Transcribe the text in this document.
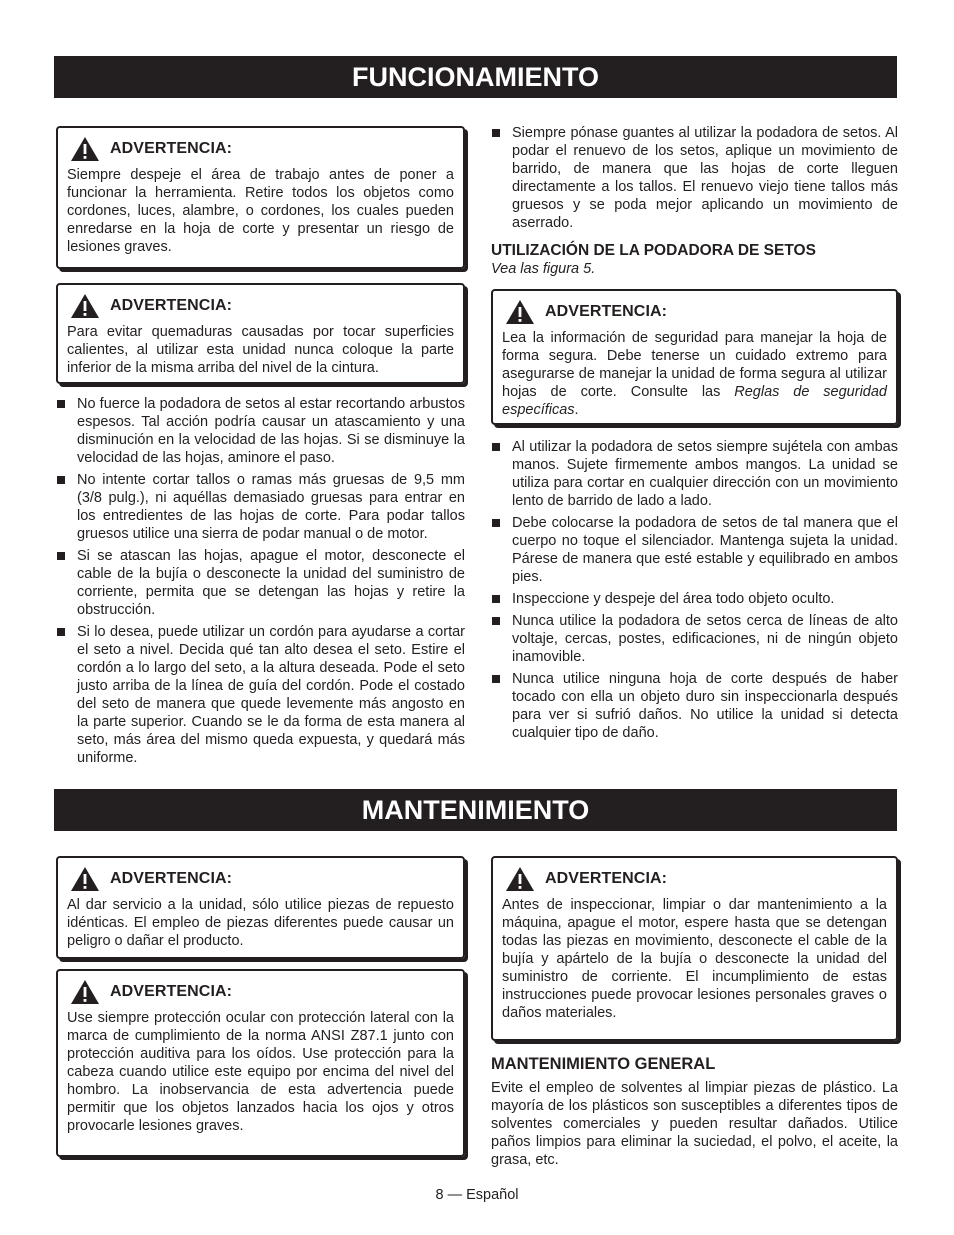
FUNCIONAMIENTO
ADVERTENCIA:
Siempre despeje el área de trabajo antes de poner a funcionar la herramienta. Retire todos los objetos como cordones, luces, alambre, o cordones, los cuales pueden enredarse en la hoja de corte y presentar un riesgo de lesiones graves.
ADVERTENCIA:
Para evitar quemaduras causadas por tocar superficies calientes, al utilizar esta unidad nunca coloque la parte inferior de la misma arriba del nivel de la cintura.
No fuerce la podadora de setos al estar recortando arbustos espesos. Tal acción podría causar un atascamiento y una disminución en la velocidad de las hojas. Si se disminuye la velocidad de las hojas, aminore el paso.
No intente cortar tallos o ramas más gruesas de 9,5 mm (3/8 pulg.), ni aquéllas demasiado gruesas para entrar en los entredientes de las hojas de corte. Para podar tallos gruesos utilice una sierra de podar manual o de motor.
Si se atascan las hojas, apague el motor, desconecte el cable de la bujía o desconecte la unidad del suministro de corriente, permita que se detengan las hojas y retire la obstrucción.
Si lo desea, puede utilizar un cordón para ayudarse a cortar el seto a nivel. Decida qué tan alto desea el seto. Estire el cordón a lo largo del seto, a la altura deseada. Pode el seto justo arriba de la línea de guía del cordón. Pode el costado del seto de manera que quede levemente más angosto en la parte superior. Cuando se le da forma de esta manera al seto, más área del mismo queda expuesta, y quedará más uniforme.
Siempre pónase guantes al utilizar la podadora de setos. Al podar el renuevo de los setos, aplique un movimiento de barrido, de manera que las hojas de corte lleguen directamente a los tallos. El renuevo viejo tiene tallos más gruesos y se poda mejor aplicando un movimiento de aserrado.
UTILIZACIÓN DE LA PODADORA DE SETOS
Vea las figura 5.
ADVERTENCIA:
Lea la información de seguridad para manejar la hoja de forma segura. Debe tenerse un cuidado extremo para asegurarse de manejar la unidad de forma segura al utilizar hojas de corte. Consulte las Reglas de seguridad específicas.
Al utilizar la podadora de setos siempre sujétela con ambas manos. Sujete firmemente ambos mangos. La unidad se utiliza para cortar en cualquier dirección con un movimiento lento de barrido de lado a lado.
Debe colocarse la podadora de setos de tal manera que el cuerpo no toque el silenciador. Mantenga sujeta la unidad. Párese de manera que esté estable y equilibrado en ambos pies.
Inspeccione y despeje del área todo objeto oculto.
Nunca utilice la podadora de setos cerca de líneas de alto voltaje, cercas, postes, edificaciones, ni de ningún objeto inamovible.
Nunca utilice ninguna hoja de corte después de haber tocado con ella un objeto duro sin inspeccionarla después para ver si sufrió daños. No utilice la unidad si detecta cualquier tipo de daño.
MANTENIMIENTO
ADVERTENCIA:
Al dar servicio a la unidad, sólo utilice piezas de repuesto idénticas. El empleo de piezas diferentes puede causar un peligro o dañar el producto.
ADVERTENCIA:
Use siempre protección ocular con protección lateral con la marca de cumplimiento de la norma ANSI Z87.1 junto con protección auditiva para los oídos. Use protección para la cabeza cuando utilice este equipo por encima del nivel del hombro. La inobservancia de esta advertencia puede permitir que los objetos lanzados hacia los ojos y otros provocarle lesiones graves.
ADVERTENCIA:
Antes de inspeccionar, limpiar o dar mantenimiento a la máquina, apague el motor, espere hasta que se detengan todas las piezas en movimiento, desconecte el cable de la bujía y apártelo de la bujía o desconecte la unidad del suministro de corriente. El incumplimiento de estas instrucciones puede provocar lesiones personales graves o daños materiales.
MANTENIMIENTO GENERAL
Evite el empleo de solventes al limpiar piezas de plástico. La mayoría de los plásticos son susceptibles a diferentes tipos de solventes comerciales y pueden resultar dañados. Utilice paños limpios para eliminar la suciedad, el polvo, el aceite, la grasa, etc.
8 — Español
